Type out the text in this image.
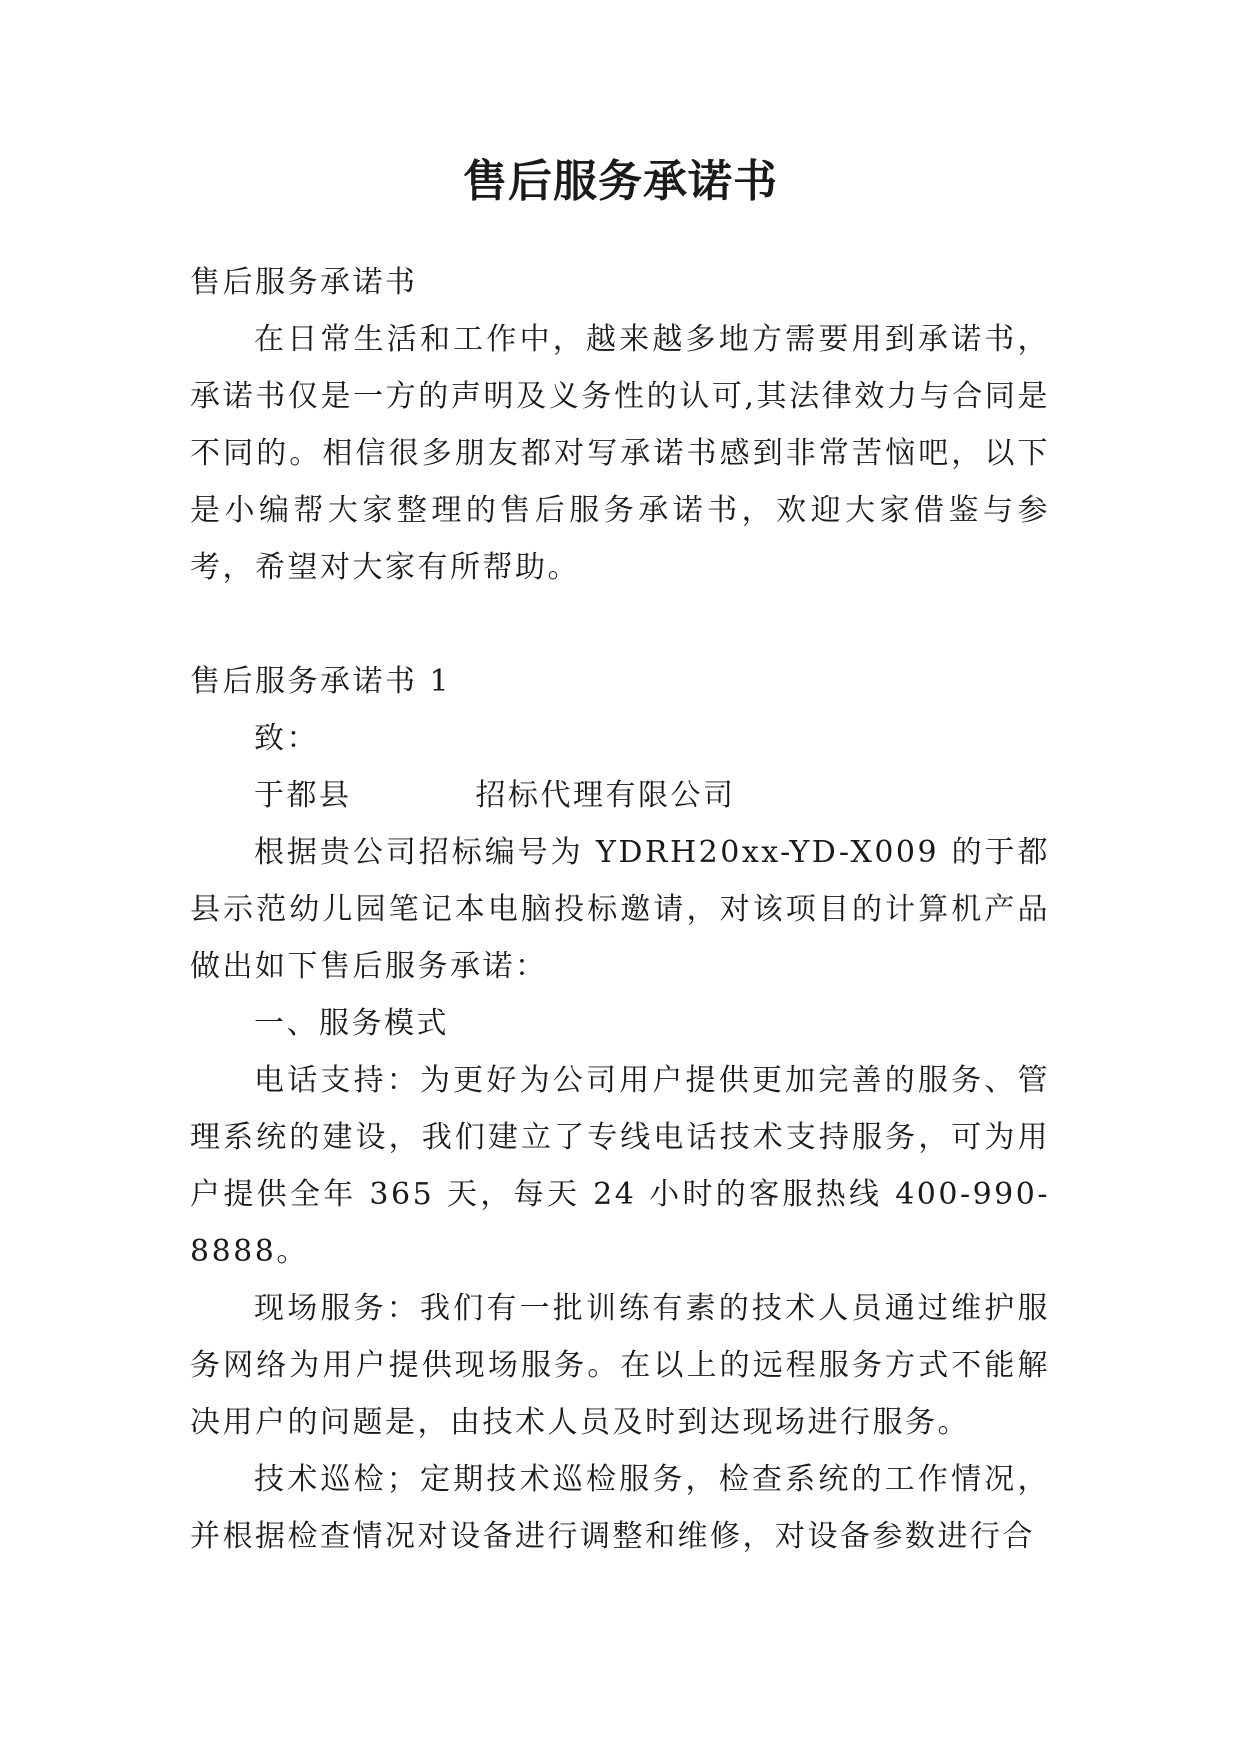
售后服务承诺书

售后服务承诺书

在日常生活和工作中，越来越多地方需要用到承诺书，承诺书仅是一方的声明及义务性的认可,其法律效力与合同是不同的。相信很多朋友都对写承诺书感到非常苦恼吧，以下是小编帮大家整理的售后服务承诺书，欢迎大家借鉴与参考，希望对大家有所帮助。

售后服务承诺书 1

致：

于都县	招标代理有限公司

根据贵公司招标编号为 YDRH20xx-YD-X009 的于都县示范幼儿园笔记本电脑投标邀请，对该项目的计算机产品做出如下售后服务承诺：

一、服务模式

电话支持：为更好为公司用户提供更加完善的服务、管理系统的建设，我们建立了专线电话技术支持服务，可为用户提供全年 365 天，每天 24 小时的客服热线 400-990-8888。

现场服务：我们有一批训练有素的技术人员通过维护服务网络为用户提供现场服务。在以上的远程服务方式不能解决用户的问题是，由技术人员及时到达现场进行服务。

技术巡检；定期技术巡检服务，检查系统的工作情况，并根据检查情况对设备进行调整和维修，对设备参数进行合
